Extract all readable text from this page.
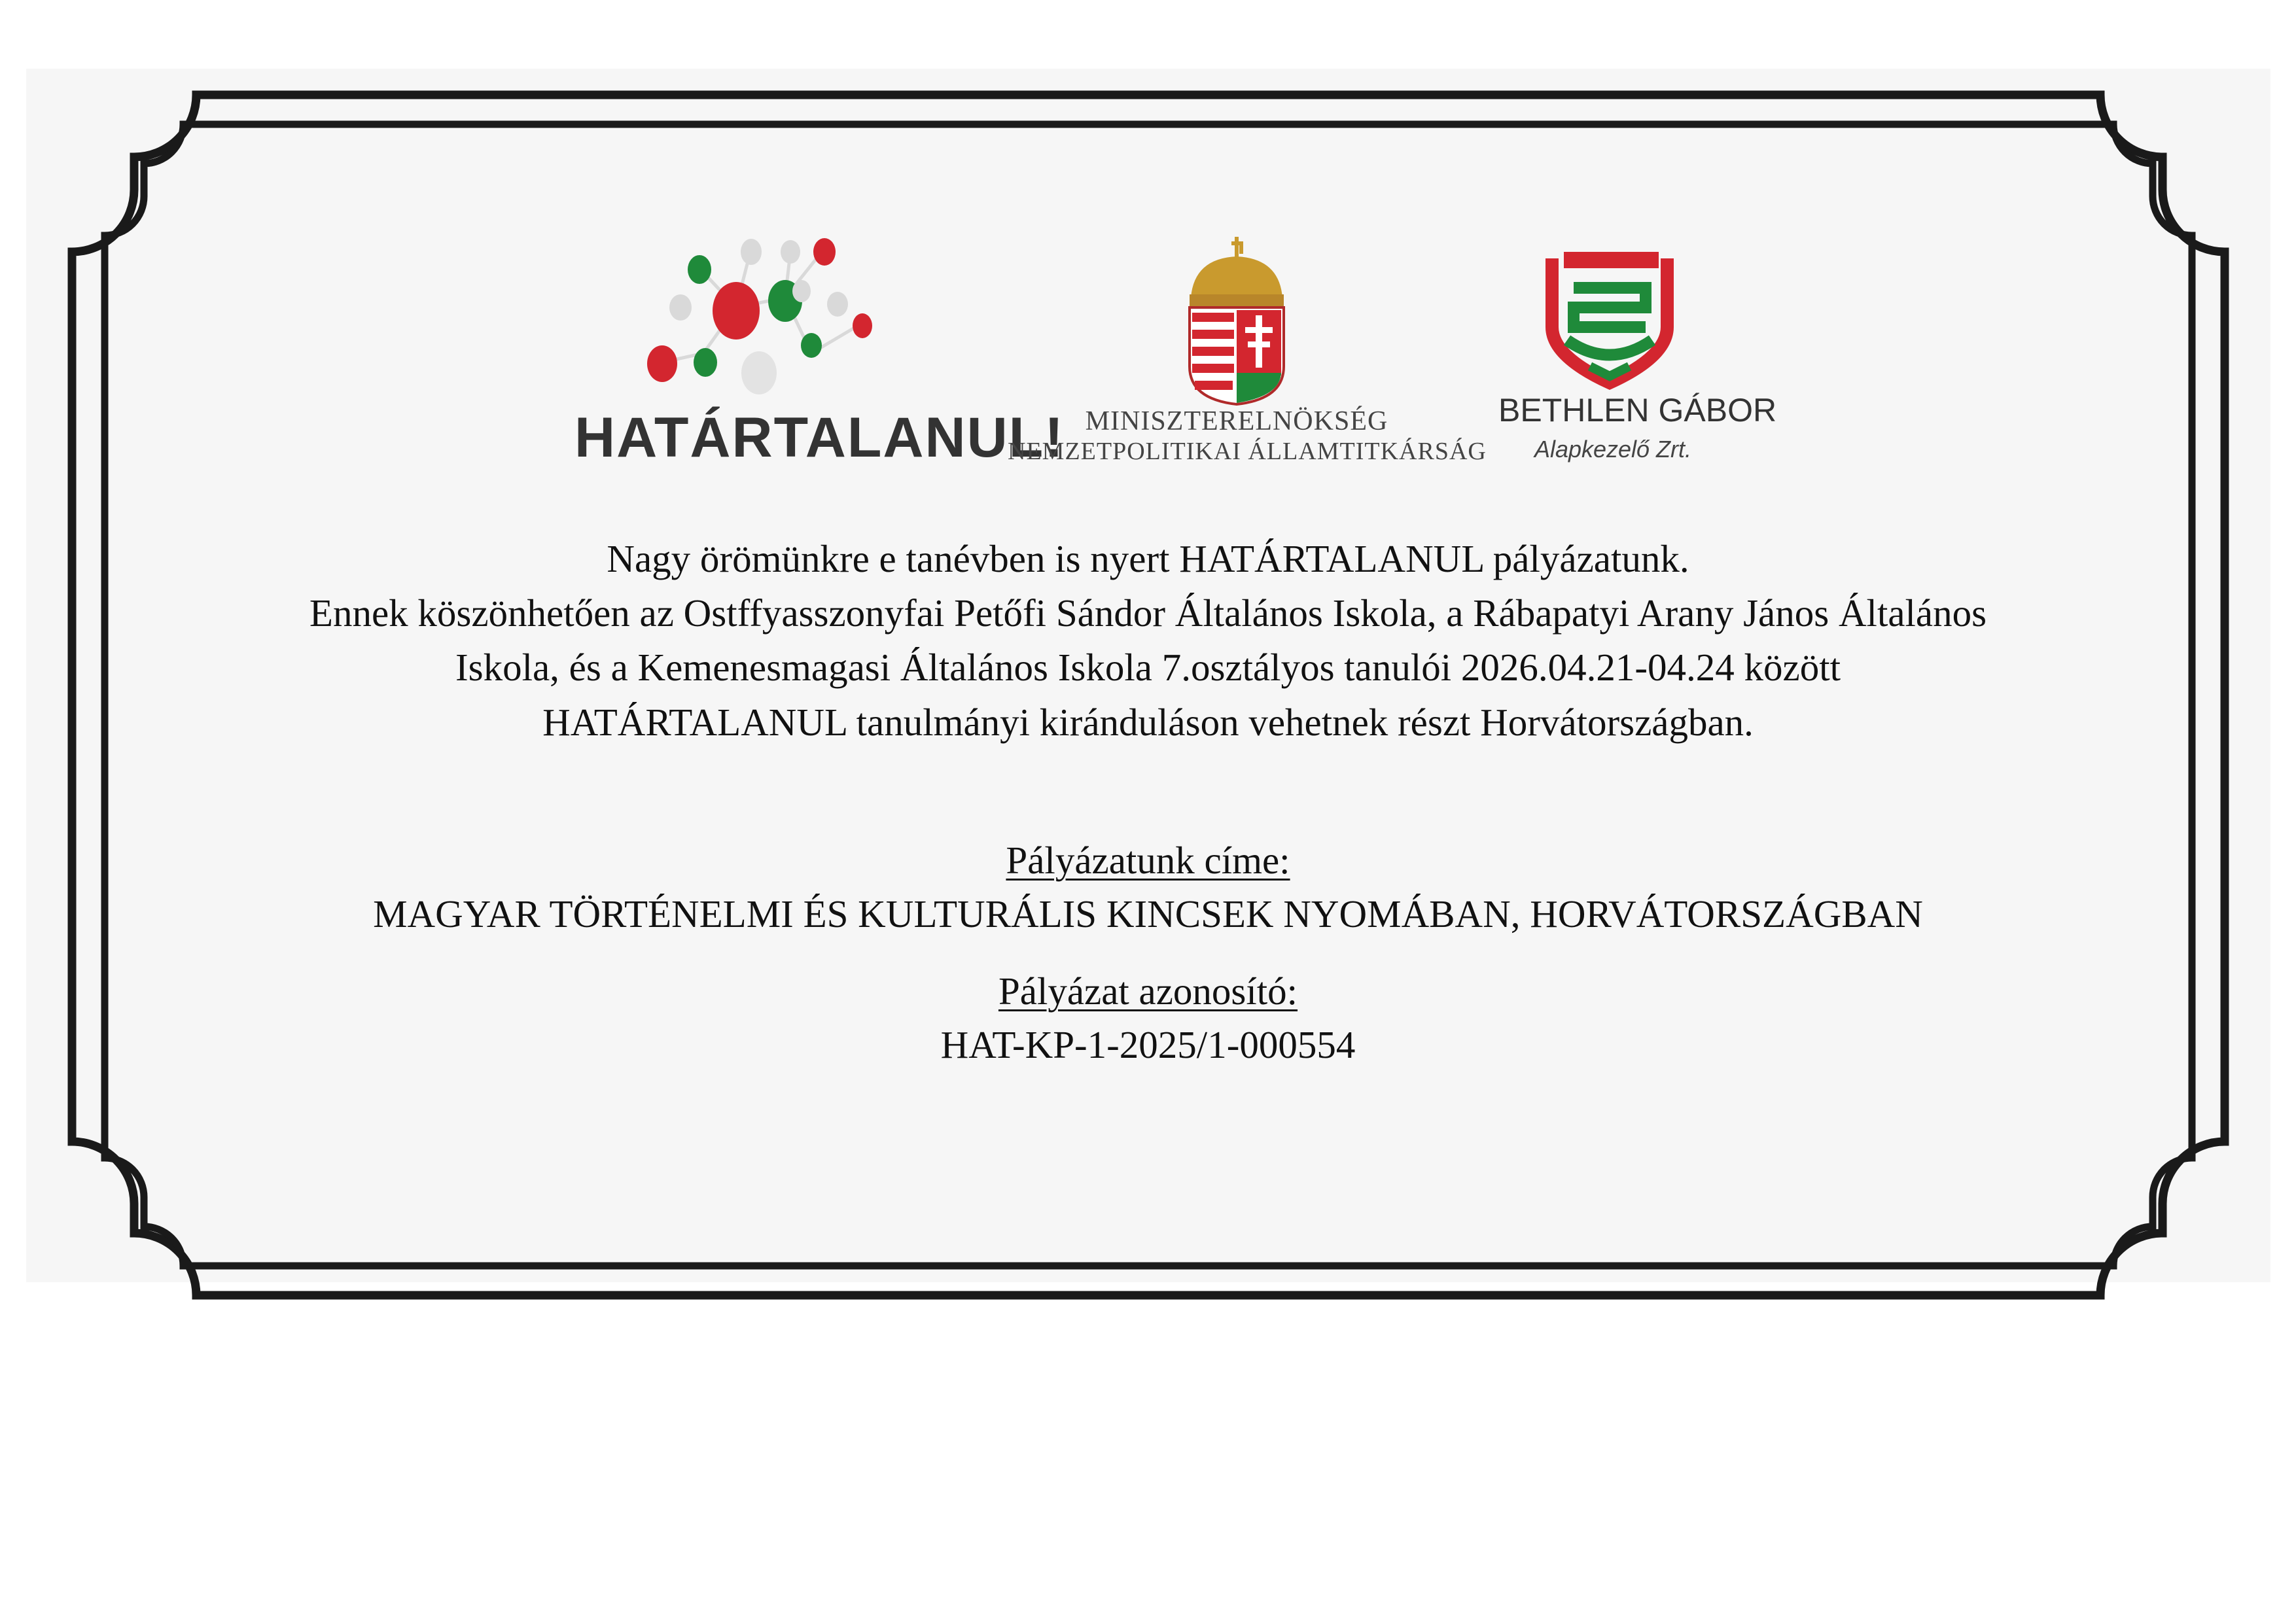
HATÁRTALANUL! MINISZTERELNÖKSÉG
NEMZETPOLITIKAI ÁLLAMTITKÁRSÁG
BETHLEN GÁBOR
Alapkezelő Zrt.
Nagy örömünkre e tanévben is nyert HATÁRTALANUL pályázatunk.
Ennek köszönhetően az Ostffyasszonyfai Petőfi Sándor Általános Iskola, a Rábapatyi Arany János Általános
Iskola, és a Kemenesmagasi Általános Iskola 7.osztályos tanulói 2026.04.21-04.24 között
HATÁRTALANUL tanulmányi kiránduláson vehetnek részt Horvátországban.
Pályázatunk címe:
MAGYAR TÖRTÉNELMI ÉS KULTURÁLIS KINCSEK NYOMÁBAN, HORVÁTORSZÁGBAN
Pályázat azonosító:
HAT-KP-1-2025/1-000554
